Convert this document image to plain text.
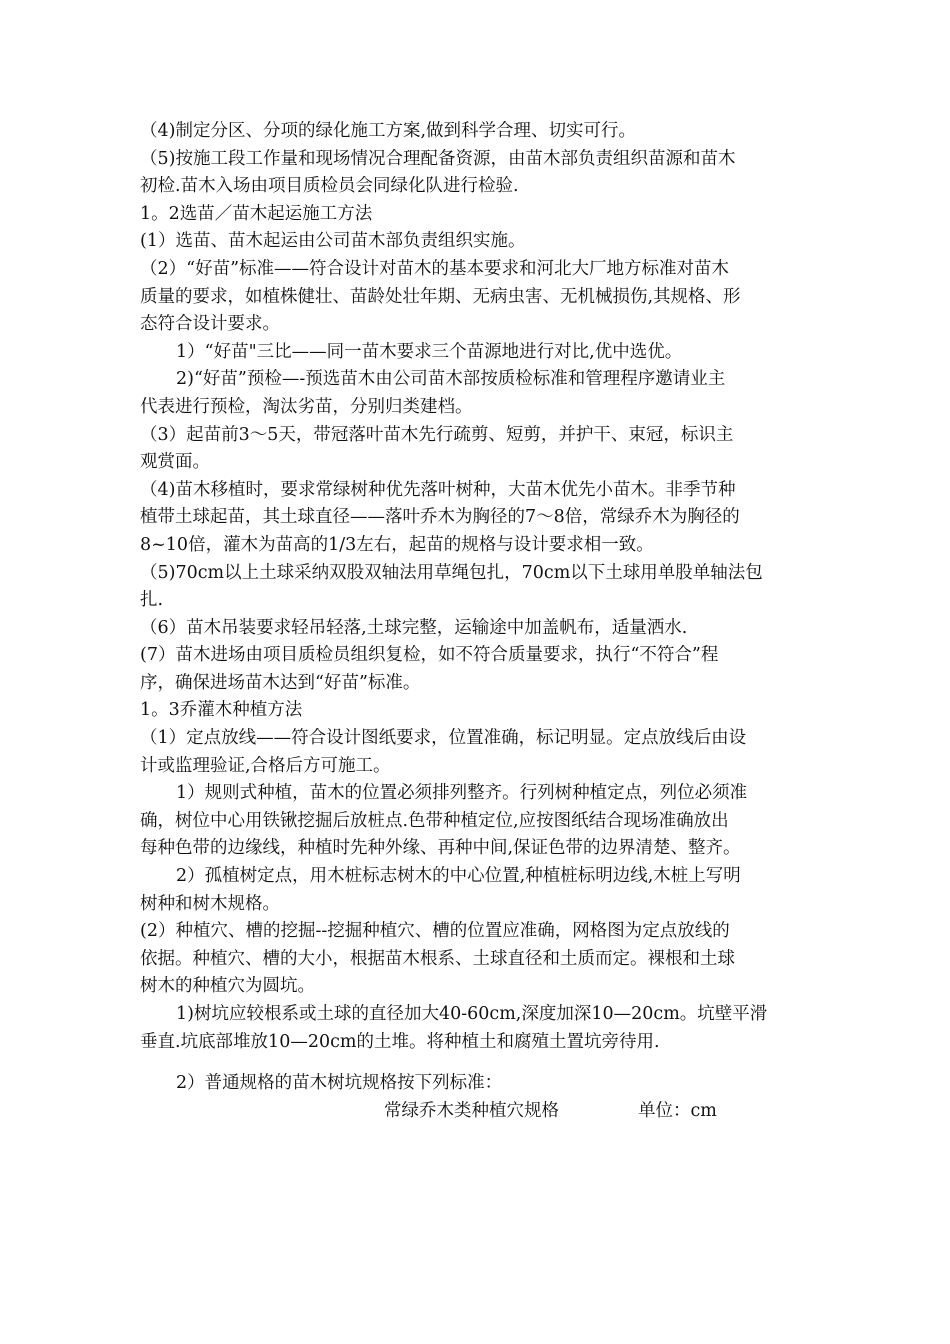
（4)制定分区、分项的绿化施工方案,做到科学合理、切实可行。
（5)按施工段工作量和现场情况合理配备资源，由苗木部负责组织苗源和苗木
初检.苗木入场由项目质检员会同绿化队进行检验.
1。2选苗／苗木起运施工方法
(1）选苗、苗木起运由公司苗木部负责组织实施。
（2）“好苗”标准——符合设计对苗木的基本要求和河北大厂地方标准对苗木
质量的要求，如植株健壮、苗龄处壮年期、无病虫害、无机械损伤,其规格、形
态符合设计要求。
1）“好苗"三比——同一苗木要求三个苗源地进行对比,优中选优。
2)“好苗”预检—-预选苗木由公司苗木部按质检标准和管理程序邀请业主
代表进行预检，淘汰劣苗，分别归类建档。
（3）起苗前3～5天，带冠落叶苗木先行疏剪、短剪，并护干、束冠，标识主
观赏面。
（4)苗木移植时，要求常绿树种优先落叶树种，大苗木优先小苗木。非季节种
植带土球起苗，其土球直径——落叶乔木为胸径的7～8倍，常绿乔木为胸径的
8~10倍，灌木为苗高的1/3左右，起苗的规格与设计要求相一致。
（5)70cm以上土球采纳双股双轴法用草绳包扎，70cm以下土球用单股单轴法包
扎.
（6）苗木吊装要求轻吊轻落,土球完整，运输途中加盖帆布，适量洒水.
(7）苗木进场由项目质检员组织复检，如不符合质量要求，执行“不符合”程
序，确保进场苗木达到“好苗”标准。
1。3乔灌木种植方法
（1）定点放线——符合设计图纸要求，位置准确，标记明显。定点放线后由设
计或监理验证,合格后方可施工。
1）规则式种植，苗木的位置必须排列整齐。行列树种植定点，列位必须准
确，树位中心用铁锹挖掘后放桩点.色带种植定位,应按图纸结合现场准确放出
每种色带的边缘线，种植时先种外缘、再种中间,保证色带的边界清楚、整齐。
2）孤植树定点，用木桩标志树木的中心位置,种植桩标明边线,木桩上写明
树种和树木规格。
(2）种植穴、槽的挖掘--挖掘种植穴、槽的位置应准确，网格图为定点放线的
依据。种植穴、槽的大小，根据苗木根系、土球直径和土质而定。裸根和土球
树木的种植穴为圆坑。
1)树坑应较根系或土球的直径加大40-60cm,深度加深10—20cm。坑壁平滑
垂直.坑底部堆放10—20cm的土堆。将种植土和腐殖土置坑旁待用.
2）普通规格的苗木树坑规格按下列标准：
常绿乔木类种植穴规格	单位：cm
